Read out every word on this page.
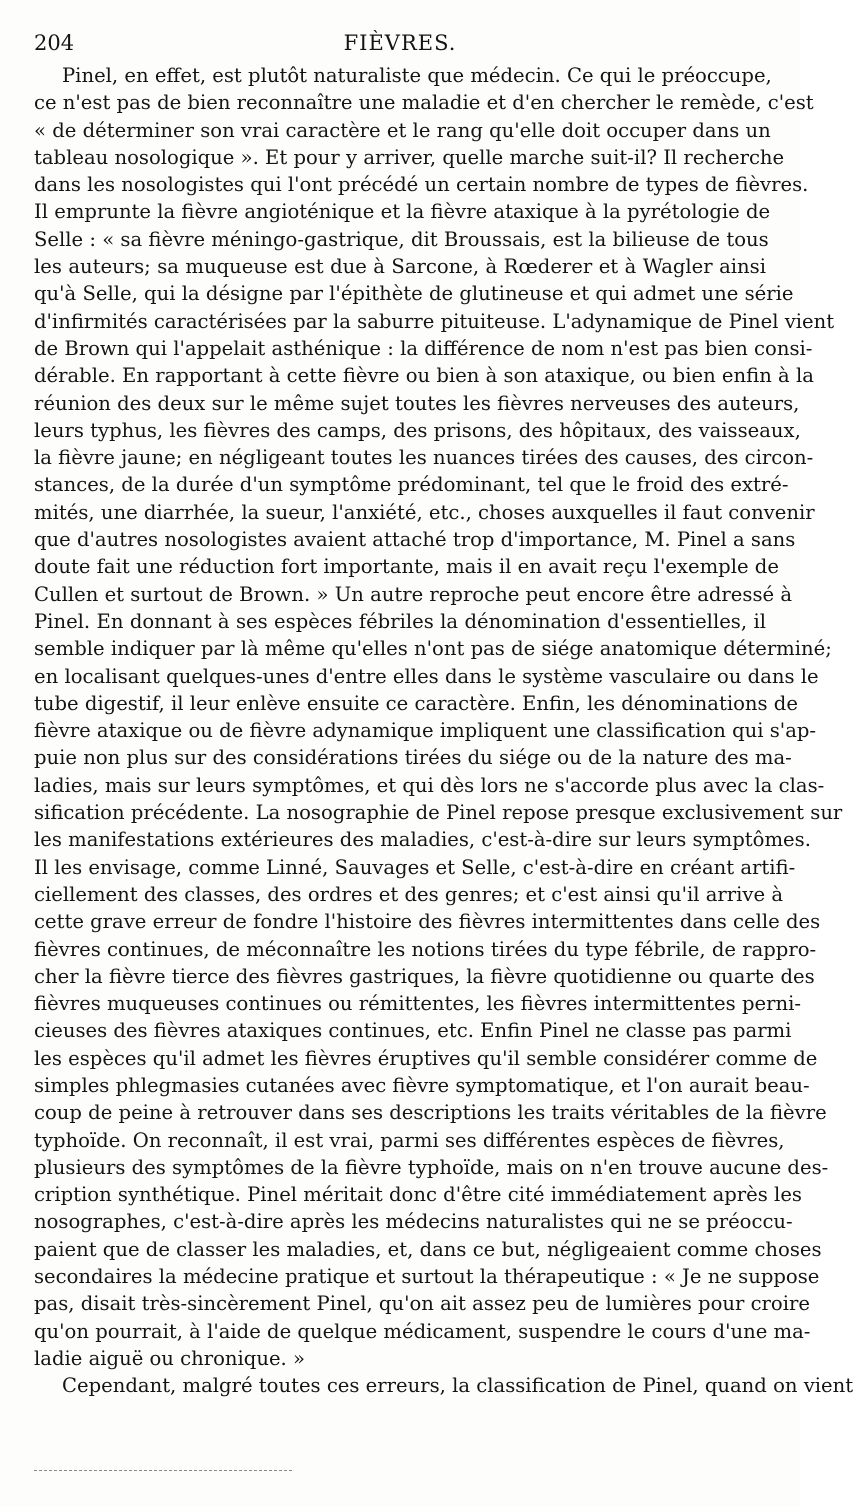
204	FIÈVRES.
Pinel, en effet, est plutôt naturaliste que médecin. Ce qui le préoccupe,
ce n'est pas de bien reconnaître une maladie et d'en chercher le remède, c'est
« de déterminer son vrai caractère et le rang qu'elle doit occuper dans un
tableau nosologique ». Et pour y arriver, quelle marche suit-il? Il recherche
dans les nosologistes qui l'ont précédé un certain nombre de types de fièvres.
Il emprunte la fièvre angioténique et la fièvre ataxique à la pyrétologie de
Selle : « sa fièvre méningo-gastrique, dit Broussais, est la bilieuse de tous
les auteurs; sa muqueuse est due à Sarcone, à Rœderer et à Wagler ainsi
qu'à Selle, qui la désigne par l'épithète de glutineuse et qui admet une série
d'infirmités caractérisées par la saburre pituiteuse. L'adynamique de Pinel vient
de Brown qui l'appelait asthénique : la différence de nom n'est pas bien consi-
dérable. En rapportant à cette fièvre ou bien à son ataxique, ou bien enfin à la
réunion des deux sur le même sujet toutes les fièvres nerveuses des auteurs,
leurs typhus, les fièvres des camps, des prisons, des hôpitaux, des vaisseaux,
la fièvre jaune; en négligeant toutes les nuances tirées des causes, des circon-
stances, de la durée d'un symptôme prédominant, tel que le froid des extré-
mités, une diarrhée, la sueur, l'anxiété, etc., choses auxquelles il faut convenir
que d'autres nosologistes avaient attaché trop d'importance, M. Pinel a sans
doute fait une réduction fort importante, mais il en avait reçu l'exemple de
Cullen et surtout de Brown. » Un autre reproche peut encore être adressé à
Pinel. En donnant à ses espèces fébriles la dénomination d'essentielles, il
semble indiquer par là même qu'elles n'ont pas de siége anatomique déterminé;
en localisant quelques-unes d'entre elles dans le système vasculaire ou dans le
tube digestif, il leur enlève ensuite ce caractère. Enfin, les dénominations de
fièvre ataxique ou de fièvre adynamique impliquent une classification qui s'ap-
puie non plus sur des considérations tirées du siége ou de la nature des ma-
ladies, mais sur leurs symptômes, et qui dès lors ne s'accorde plus avec la clas-
sification précédente. La nosographie de Pinel repose presque exclusivement sur
les manifestations extérieures des maladies, c'est-à-dire sur leurs symptômes.
Il les envisage, comme Linné, Sauvages et Selle, c'est-à-dire en créant artifi-
ciellement des classes, des ordres et des genres; et c'est ainsi qu'il arrive à
cette grave erreur de fondre l'histoire des fièvres intermittentes dans celle des
fièvres continues, de méconnaître les notions tirées du type fébrile, de rappro-
cher la fièvre tierce des fièvres gastriques, la fièvre quotidienne ou quarte des
fièvres muqueuses continues ou rémittentes, les fièvres intermittentes perni-
cieuses des fièvres ataxiques continues, etc. Enfin Pinel ne classe pas parmi
les espèces qu'il admet les fièvres éruptives qu'il semble considérer comme de
simples phlegmasies cutanées avec fièvre symptomatique, et l'on aurait beau-
coup de peine à retrouver dans ses descriptions les traits véritables de la fièvre
typhoïde. On reconnaît, il est vrai, parmi ses différentes espèces de fièvres,
plusieurs des symptômes de la fièvre typhoïde, mais on n'en trouve aucune des-
cription synthétique. Pinel méritait donc d'être cité immédiatement après les
nosographes, c'est-à-dire après les médecins naturalistes qui ne se préoccu-
paient que de classer les maladies, et, dans ce but, négligeaient comme choses
secondaires la médecine pratique et surtout la thérapeutique : « Je ne suppose
pas, disait très-sincèrement Pinel, qu'on ait assez peu de lumières pour croire
qu'on pourrait, à l'aide de quelque médicament, suspendre le cours d'une ma-
ladie aiguë ou chronique. »
Cependant, malgré toutes ces erreurs, la classification de Pinel, quand on vient
